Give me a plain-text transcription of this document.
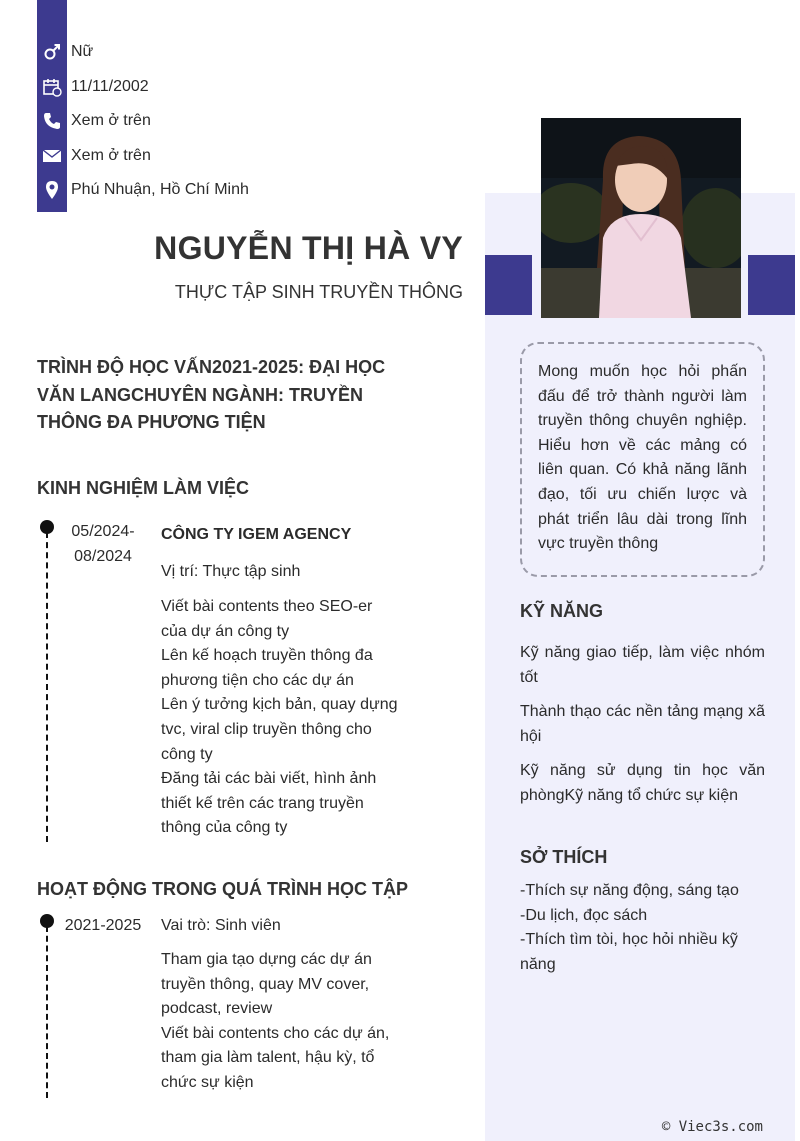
Nữ
11/11/2002
Xem ở trên
Xem ở trên
Phú Nhuận, Hồ Chí Minh
NGUYỄN THỊ HÀ VY
THỰC TẬP SINH TRUYỀN THÔNG
Mong muốn học hỏi phấn đấu để trở thành người làm truyền thông chuyên nghiệp. Hiểu hơn về các mảng có liên quan. Có khả năng lãnh đạo, tối ưu chiến lược và phát triển lâu dài trong lĩnh vực truyền thông
TRÌNH ĐỘ HỌC VẤN2021-2025: ĐẠI HỌC
VĂN LANGCHUYÊN NGÀNH: TRUYỀN
THÔNG ĐA PHƯƠNG TIỆN
KINH NGHIỆM LÀM VIỆC
05/2024-
08/2024
CÔNG TY IGEM AGENCY
Vị trí: Thực tập sinh
Viết bài contents theo SEO-er
của dự án công ty
Lên kế hoạch truyền thông đa
phương tiện cho các dự án
Lên ý tưởng kịch bản, quay dựng
tvc, viral clip truyền thông cho
công ty
Đăng tải các bài viết, hình ảnh
thiết kế trên các trang truyền
thông của công ty
HOẠT ĐỘNG TRONG QUÁ TRÌNH HỌC TẬP
2021-2025	Vai trò: Sinh viên
Tham gia tạo dựng các dự án
truyền thông, quay MV cover,
podcast, review
Viết bài contents cho các dự án,
tham gia làm talent, hậu kỳ, tổ
chức sự kiện
KỸ NĂNG
Kỹ năng giao tiếp, làm việc nhóm tốt
Thành thạo các nền tảng mạng xã hội
Kỹ năng sử dụng tin học văn phòngKỹ năng tổ chức sự kiện
SỞ THÍCH
-Thích sự năng động, sáng tạo
-Du lịch, đọc sách
-Thích tìm tòi, học hỏi nhiều kỹ
năng
© Viec3s.com
